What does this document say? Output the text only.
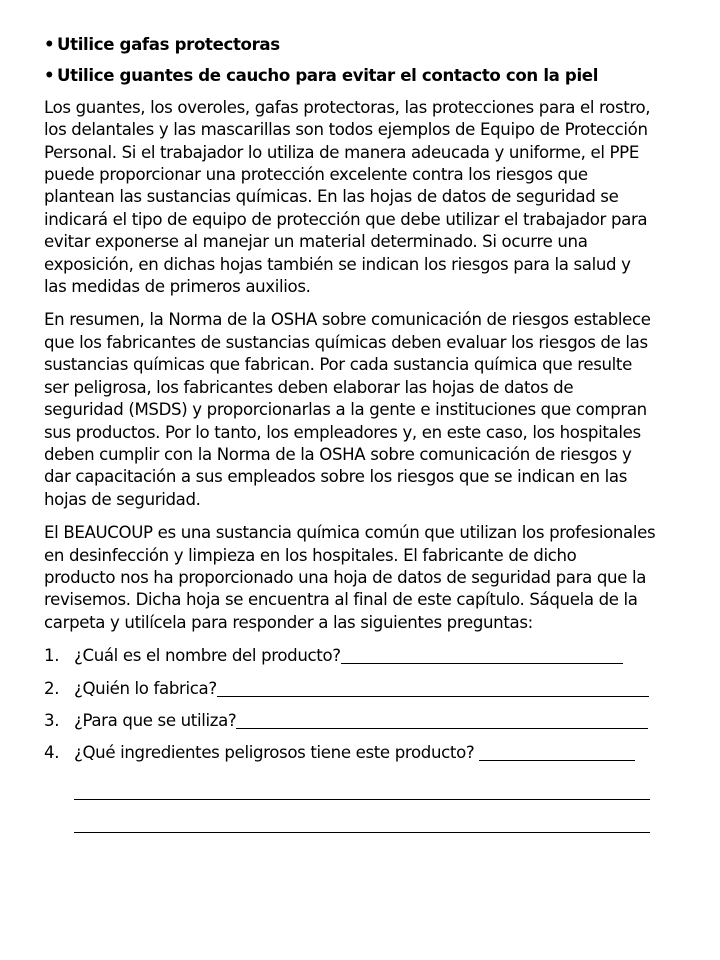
• Utilice gafas protectoras
• Utilice guantes de caucho para evitar el contacto con la piel

Los guantes, los overoles, gafas protectoras, las protecciones para el rostro,
los delantales y las mascarillas son todos ejemplos de Equipo de Protección
Personal. Si el trabajador lo utiliza de manera adeucada y uniforme, el PPE
puede proporcionar una protección excelente contra los riesgos que
plantean las sustancias químicas. En las hojas de datos de seguridad se
indicará el tipo de equipo de protección que debe utilizar el trabajador para
evitar exponerse al manejar un material determinado. Si ocurre una
exposición, en dichas hojas también se indican los riesgos para la salud y
las medidas de primeros auxilios.

En resumen, la Norma de la OSHA sobre comunicación de riesgos establece
que los fabricantes de sustancias químicas deben evaluar los riesgos de las
sustancias químicas que fabrican. Por cada sustancia química que resulte
ser peligrosa, los fabricantes deben elaborar las hojas de datos de
seguridad (MSDS) y proporcionarlas a la gente e instituciones que compran
sus productos. Por lo tanto, los empleadores y, en este caso, los hospitales
deben cumplir con la Norma de la OSHA sobre comunicación de riesgos y
dar capacitación a sus empleados sobre los riesgos que se indican en las
hojas de seguridad.

El BEAUCOUP es una sustancia química común que utilizan los profesionales
en desinfección y limpieza en los hospitales. El fabricante de dicho
producto nos ha proporcionado una hoja de datos de seguridad para que la
revisemos. Dicha hoja se encuentra al final de este capítulo. Sáquela de la
carpeta y utilícela para responder a las siguientes preguntas:

1. ¿Cuál es el nombre del producto?
2. ¿Quién lo fabrica?
3. ¿Para que se utiliza?
4. ¿Qué ingredientes peligrosos tiene este producto?
